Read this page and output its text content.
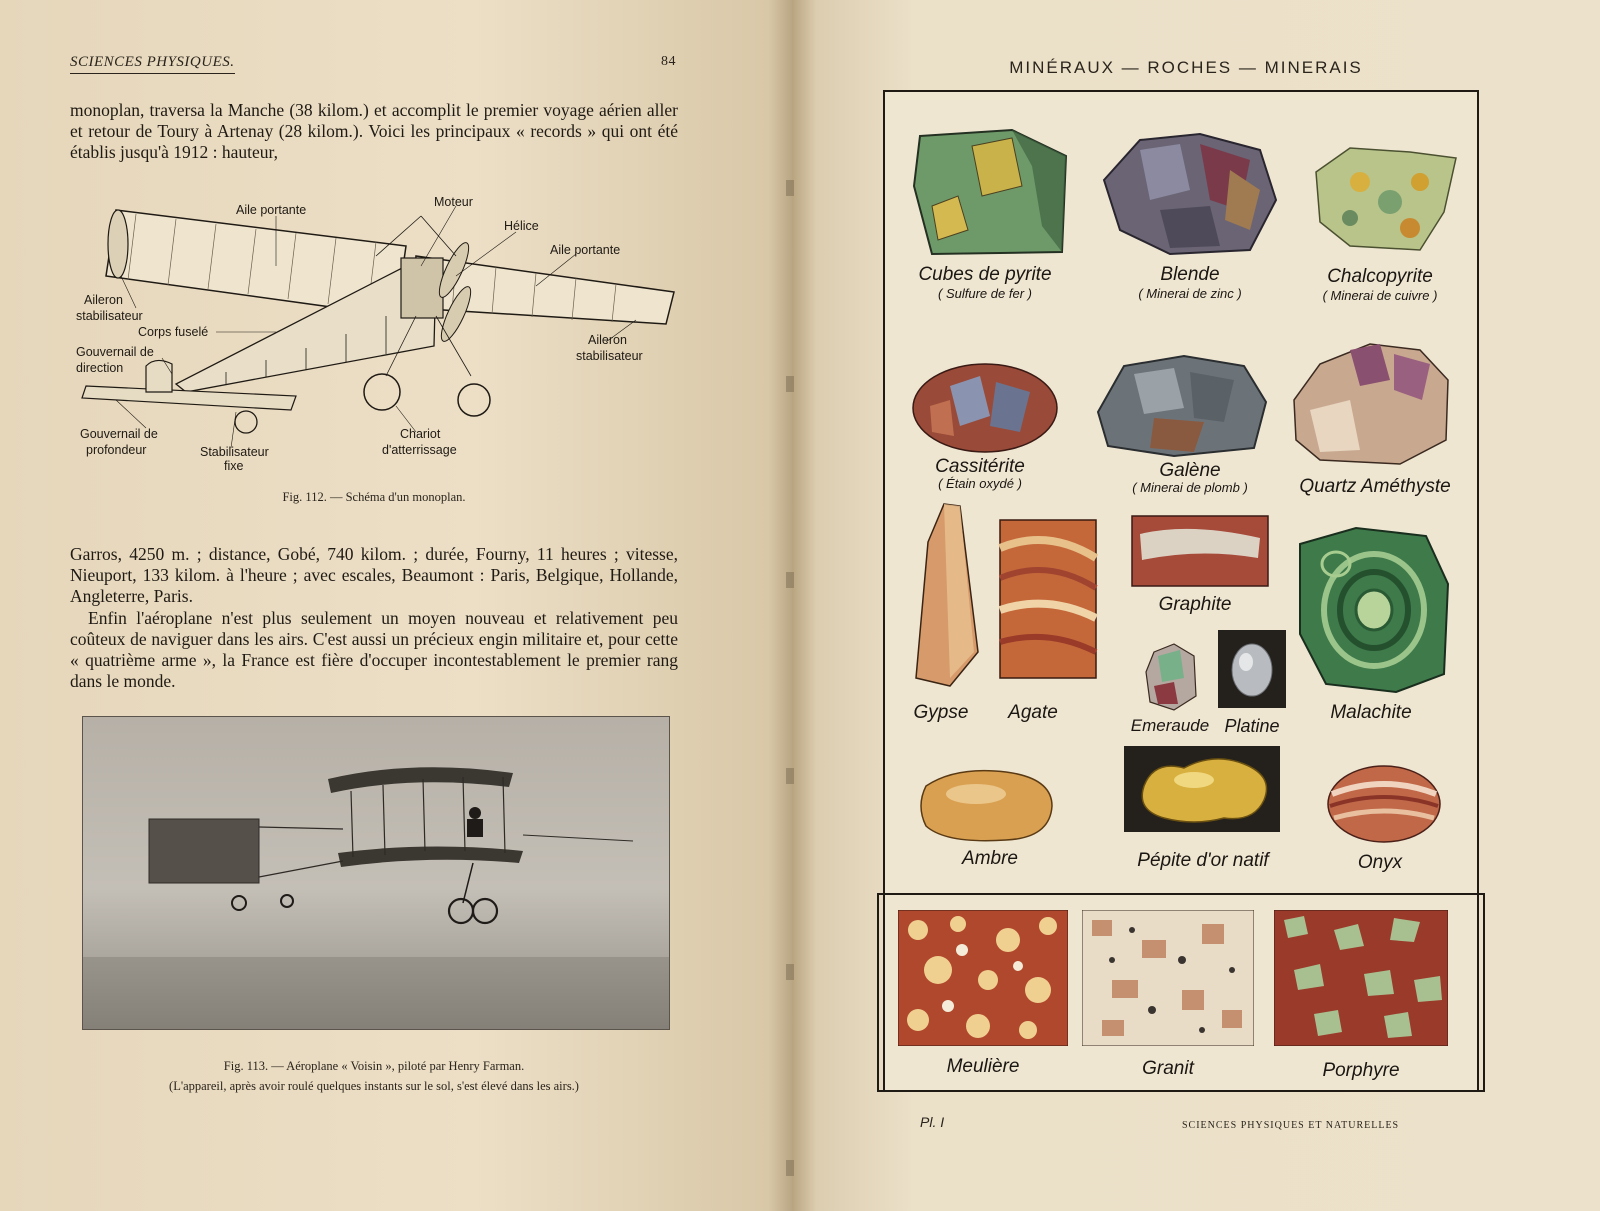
SCIENCES PHYSIQUES.	84
monoplan, traversa la Manche (38 kilom.) et accomplit le premier voyage aérien aller et retour de Toury à Artenay (28 kilom.). Voici les principaux « records » qui ont été établis jusqu'à 1912 : hauteur,
Aile portante
Moteur
Hélice
Aile portante
Aileron
stabilisateur
Corps fuselé
Gouvernail de
direction
Aileron
stabilisateur
Gouvernail de
profondeur	Stabilisateur
fixe
Chariot
d'atterrissage
Fig. 112. — Schéma d'un monoplan.
Garros, 4250 m. ; distance, Gobé, 740 kilom. ; durée, Fourny, 11 heures ; vitesse, Nieuport, 133 kilom. à l'heure ; avec escales, Beaumont : Paris, Belgique, Hollande, Angleterre, Paris.
Enfin l'aéroplane n'est plus seulement un moyen nouveau et relativement peu coûteux de naviguer dans les airs. C'est aussi un précieux engin militaire et, pour cette « quatrième arme », la France est fière d'occuper incontestablement le premier rang dans le monde.
Fig. 113. — Aéroplane « Voisin », piloté par Henry Farman.
(L'appareil, après avoir roulé quelques instants sur le sol, s'est élevé dans les airs.)
MINÉRAUX — ROCHES — MINERAIS
Cubes de pyrite
( Sulfure de fer )
Blende
( Minerai de zinc )
Chalcopyrite
( Minerai de cuivre )
Cassitérite
( Étain oxydé )
Galène
( Minerai de plomb )	Quartz Améthyste
Gypse	Agate
Graphite
Emeraude Platine
Malachite
Ambre	Pépite d'or natif	Onyx
Meulière	Granit	Porphyre
Pl. I	SCIENCES PHYSIQUES ET NATURELLES
